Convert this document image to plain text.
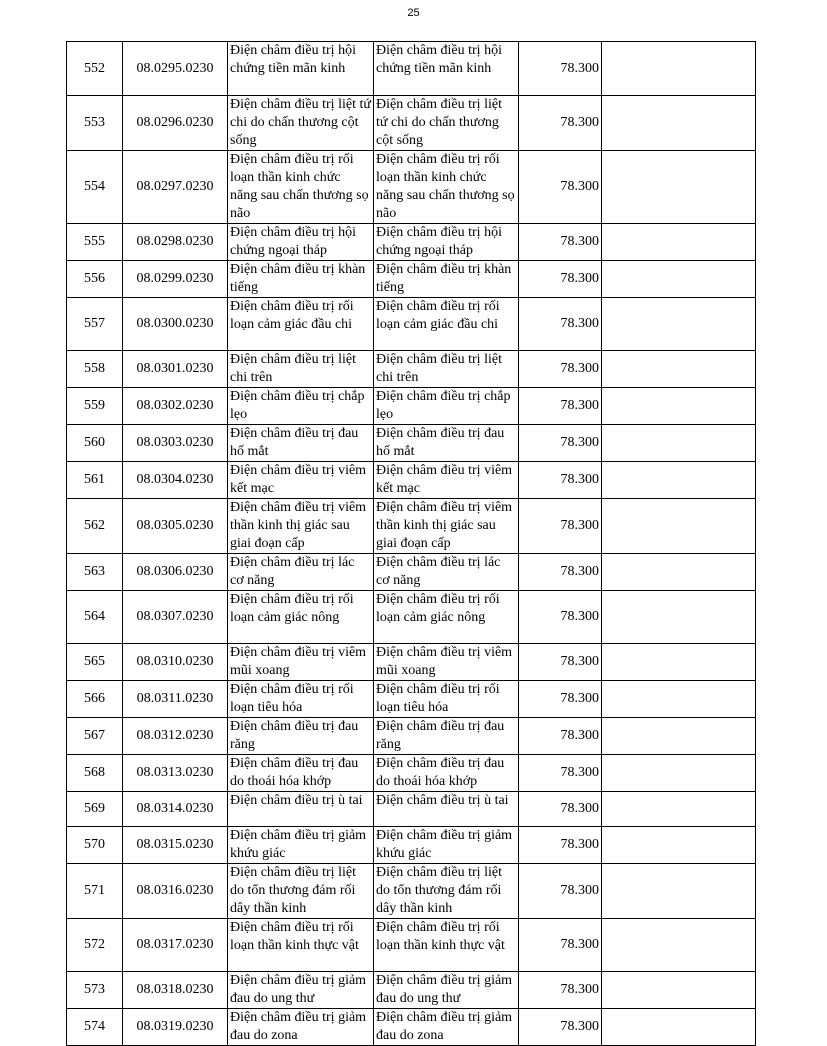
25
552	08.0295.0230	Điện châm điều trị hội chứng tiền mãn kinh	Điện châm điều trị hội chứng tiền mãn kinh	78.300	
553	08.0296.0230	Điện châm điều trị liệt tứ chi do chấn thương cột sống	Điện châm điều trị liệt tứ chi do chấn thương cột sống	78.300	
554	08.0297.0230	Điện châm điều trị rối loạn thần kinh chức năng sau chấn thương sọ não	Điện châm điều trị rối loạn thần kinh chức năng sau chấn thương sọ não	78.300	
555	08.0298.0230	Điện châm điều trị hội chứng ngoại tháp	Điện châm điều trị hội chứng ngoại tháp	78.300	
556	08.0299.0230	Điện châm điều trị khàn tiếng	Điện châm điều trị khàn tiếng	78.300	
557	08.0300.0230	Điện châm điều trị rối loạn cảm giác đầu chi	Điện châm điều trị rối loạn cảm giác đầu chi	78.300	
558	08.0301.0230	Điện châm điều trị liệt chi trên	Điện châm điều trị liệt chi trên	78.300	
559	08.0302.0230	Điện châm điều trị chắp lẹo	Điện châm điều trị chắp lẹo	78.300	
560	08.0303.0230	Điện châm điều trị đau hố mắt	Điện châm điều trị đau hố mắt	78.300	
561	08.0304.0230	Điện châm điều trị viêm kết mạc	Điện châm điều trị viêm kết mạc	78.300	
562	08.0305.0230	Điện châm điều trị viêm thần kinh thị giác sau giai đoạn cấp	Điện châm điều trị viêm thần kinh thị giác sau giai đoạn cấp	78.300	
563	08.0306.0230	Điện châm điều trị lác cơ năng	Điện châm điều trị lác cơ năng	78.300	
564	08.0307.0230	Điện châm điều trị rối loạn cảm giác nông	Điện châm điều trị rối loạn cảm giác nông	78.300	
565	08.0310.0230	Điện châm điều trị viêm mũi xoang	Điện châm điều trị viêm mũi xoang	78.300	
566	08.0311.0230	Điện châm điều trị rối loạn tiêu hóa	Điện châm điều trị rối loạn tiêu hóa	78.300	
567	08.0312.0230	Điện châm điều trị đau răng	Điện châm điều trị đau răng	78.300	
568	08.0313.0230	Điện châm điều trị đau do thoái hóa khớp	Điện châm điều trị đau do thoái hóa khớp	78.300	
569	08.0314.0230	Điện châm điều trị ù tai	Điện châm điều trị ù tai	78.300	
570	08.0315.0230	Điện châm điều trị giảm khứu giác	Điện châm điều trị giảm khứu giác	78.300	
571	08.0316.0230	Điện châm điều trị liệt do tổn thương đám rối dây thần kinh	Điện châm điều trị liệt do tổn thương đám rối dây thần kinh	78.300	
572	08.0317.0230	Điện châm điều trị rối loạn thần kinh thực vật	Điện châm điều trị rối loạn thần kinh thực vật	78.300	
573	08.0318.0230	Điện châm điều trị giảm đau do ung thư	Điện châm điều trị giảm đau do ung thư	78.300	
574	08.0319.0230	Điện châm điều trị giảm đau do zona	Điện châm điều trị giảm đau do zona	78.300	
